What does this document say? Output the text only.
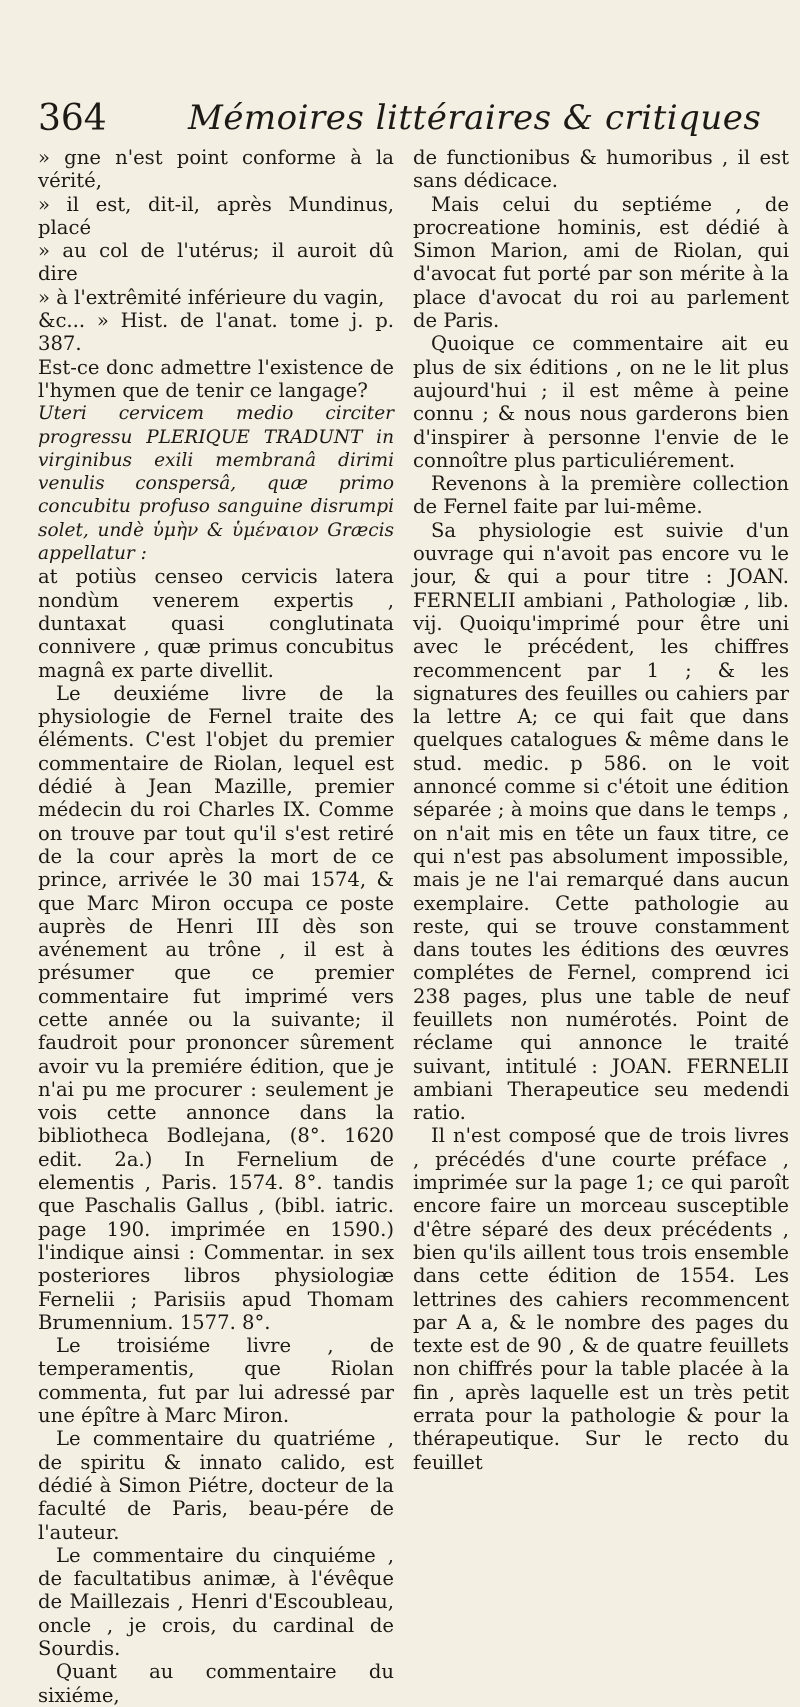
364 Mémoires littéraires & critiques

» gne n'est point conforme à la vérité,

» il est, dit-il, après Mundinus, placé

» au col de l'utérus; il auroit dû dire

» à l'extrêmité inférieure du vagin,

&c... » Hist. de l'anat. tome j. p. 387.

Est-ce donc admettre l'existence de l'hymen que de tenir ce langage?

Uteri cervicem medio circiter progressu PLERIQUE TRADUNT in virginibus exili membranâ dirimi venulis conspersâ, quæ primo concubitu profuso sanguine disrumpi solet, undè ὑμὴν & ὑμέναιον Græcis appellatur :

at potiùs censeo cervicis latera nondùm venerem expertis , duntaxat quasi conglutinata connivere , quæ primus concubitus magnâ ex parte divellit.

Le deuxiéme livre de la physiologie de Fernel traite des éléments. C'est l'objet du premier commentaire de Riolan, lequel est dédié à Jean Mazille, premier médecin du roi Charles IX. Comme on trouve par tout qu'il s'est retiré de la cour après la mort de ce prince, arrivée le 30 mai 1574, & que Marc Miron occupa ce poste auprès de Henri III dès son avénement au trône , il est à présumer que ce premier commentaire fut imprimé vers cette année ou la suivante; il faudroit pour prononcer sûrement avoir vu la premiére édition, que je n'ai pu me procurer : seulement je vois cette annonce dans la bibliotheca Bodlejana, (8°. 1620 edit. 2a.) In Fernelium de elementis , Paris. 1574. 8°. tandis que Paschalis Gallus , (bibl. iatric. page 190. imprimée en 1590.) l'indique ainsi : Commentar. in sex posteriores libros physiologiæ Fernelii ; Parisiis apud Thomam Brumennium. 1577. 8°.

Le troisiéme livre , de temperamentis, que Riolan commenta, fut par lui adressé par une épître à Marc Miron.

Le commentaire du quatriéme , de spiritu & innato calido, est dédié à Simon Piétre, docteur de la faculté de Paris, beau-pére de l'auteur.

Le commentaire du cinquiéme , de facultatibus animæ, à l'évêque de Maillezais , Henri d'Escoubleau, oncle , je crois, du cardinal de Sourdis.

Quant au commentaire du sixiéme,

de functionibus & humoribus , il est sans dédicace.

Mais celui du septiéme , de procreatione hominis, est dédié à Simon Marion, ami de Riolan, qui d'avocat fut porté par son mérite à la place d'avocat du roi au parlement de Paris.

Quoique ce commentaire ait eu plus de six éditions , on ne le lit plus aujourd'hui ; il est même à peine connu ; & nous nous garderons bien d'inspirer à personne l'envie de le connoître plus particuliérement.

Revenons à la première collection de Fernel faite par lui-même.

Sa physiologie est suivie d'un ouvrage qui n'avoit pas encore vu le jour, & qui a pour titre : JOAN. FERNELII ambiani , Pathologiæ , lib. vij. Quoiqu'imprimé pour être uni avec le précédent, les chiffres recommencent par 1 ; & les signatures des feuilles ou cahiers par la lettre A; ce qui fait que dans quelques catalogues & même dans le stud. medic. p 586. on le voit annoncé comme si c'étoit une édition séparée ; à moins que dans le temps , on n'ait mis en tête un faux titre, ce qui n'est pas absolument impossible, mais je ne l'ai remarqué dans aucun exemplaire. Cette pathologie au reste, qui se trouve constamment dans toutes les éditions des œuvres complétes de Fernel, comprend ici 238 pages, plus une table de neuf feuillets non numérotés. Point de réclame qui annonce le traité suivant, intitulé : JOAN. FERNELII ambiani Therapeutice seu medendi ratio.

Il n'est composé que de trois livres , précédés d'une courte préface , imprimée sur la page 1; ce qui paroît encore faire un morceau susceptible d'être séparé des deux précédents , bien qu'ils aillent tous trois ensemble dans cette édition de 1554. Les lettrines des cahiers recommencent par A a, & le nombre des pages du texte est de 90 , & de quatre feuillets non chiffrés pour la table placée à la fin , après laquelle est un très petit errata pour la pathologie & pour la thérapeutique. Sur le recto du feuillet
